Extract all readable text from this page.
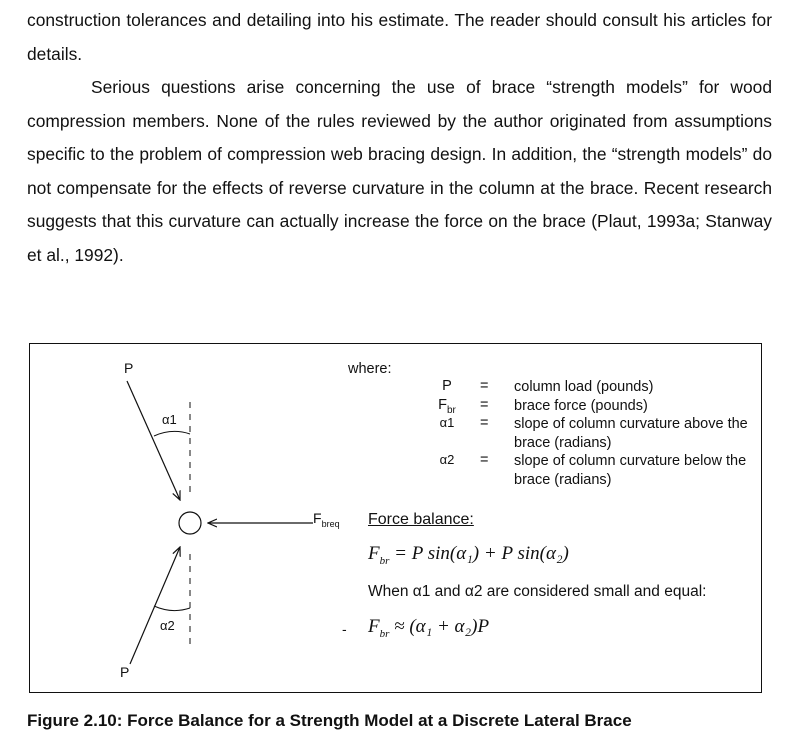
construction tolerances and detailing into his estimate. The reader should consult his articles for details.

Serious questions arise concerning the use of brace “strength models” for wood compression members. None of the rules reviewed by the author originated from assumptions specific to the problem of compression web bracing design. In addition, the “strength models” do not compensate for the effects of reverse curvature in the column at the brace. Recent research suggests that this curvature can actually increase the force on the brace (Plaut, 1993a; Stanway et al., 1992).

P
P
α1
α2
$F_{breq}$
where:
P	= column load (pounds)
$F_{br}$	= brace force (pounds)
α1	= slope of column curvature above the brace (radians)
α2	= slope of column curvature below the brace (radians)
Force balance:
$F_{br} = P$ sin(α₁) + P sin(α₂)
When α1 and α2 are considered small and equal:
- $F_{br} \approx (\alpha_1 + \alpha_2)P$
Figure 2.10: Force Balance for a Strength Model at a Discrete Lateral Brace
